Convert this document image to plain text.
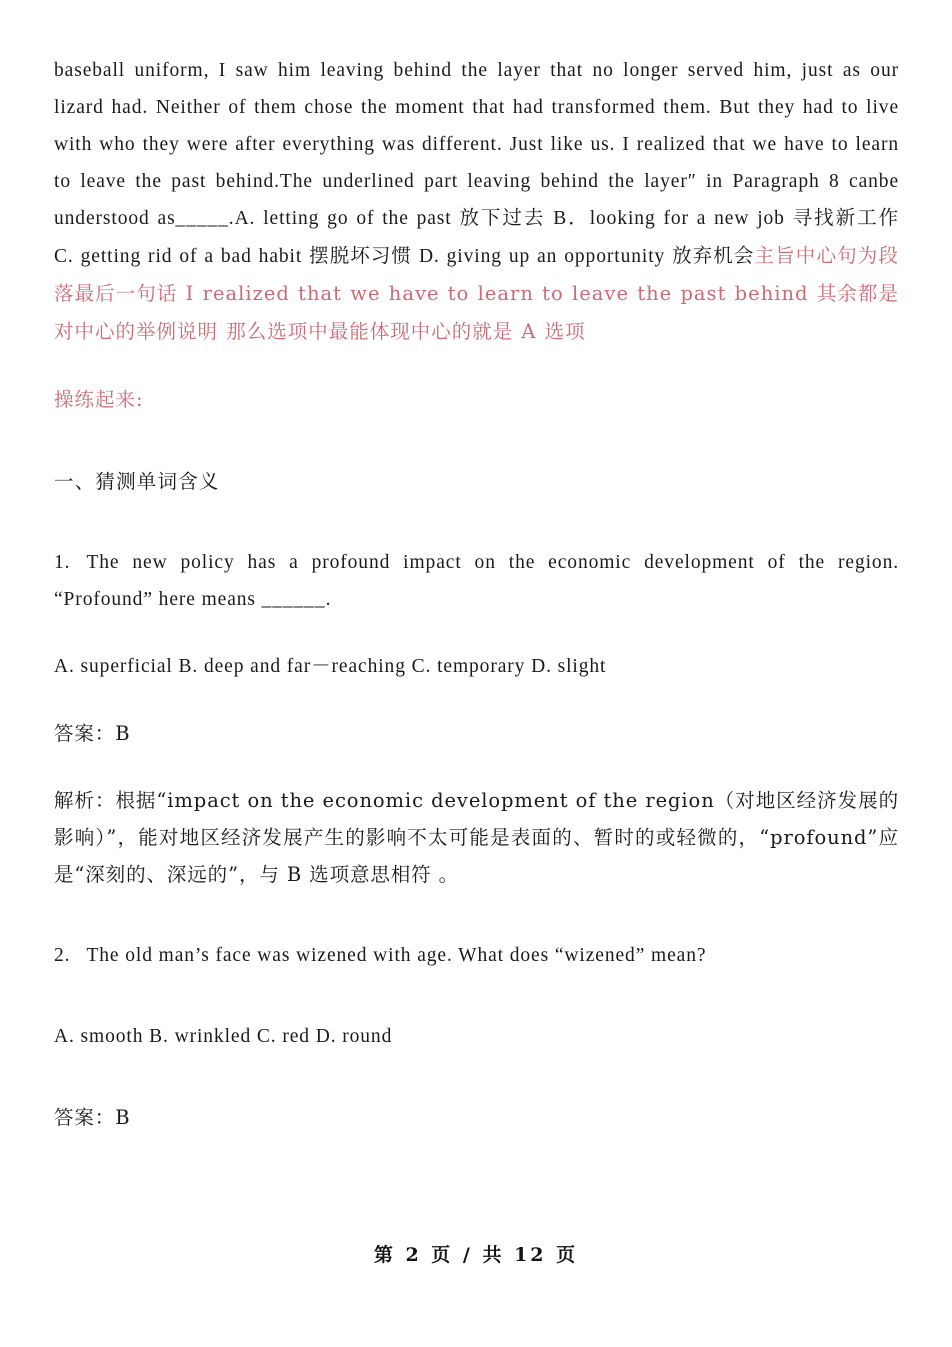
baseball uniform, I saw him leaving behind the layer that no longer served him, just as our lizard had. Neither of them chose the moment that had transformed them. But they had to live with who they were after everything was different. Just like us. I realized that we have to learn to leave the past behind.The underlined part leaving behind the layer″ in Paragraph 8 canbe understood as_____.A. letting go of the past 放下过去 B．looking for a new job 寻找新工作 C. getting rid of a bad habit 摆脱坏习惯 D. giving up an opportunity 放弃机会主旨中心句为段落最后一句话 I realized that we have to learn to leave the past behind 其余都是对中心的举例说明 那么选项中最能体现中心的就是 A 选项

操练起来:

一、猜测单词含义

1. The new policy has a profound impact on the economic development of the region. “Profound” here means ______.

A. superficial B. deep and far－reaching C. temporary D. slight

答案：B

解析：根据“impact on the economic development of the region（对地区经济发展的影响）”，能对地区经济发展产生的影响不太可能是表面的、暂时的或轻微的，“profound”应是“深刻的、深远的”，与 B 选项意思相符 。

2. The old man’s face was wizened with age. What does “wizened” mean?

A. smooth B. wrinkled C. red D. round

答案：B

第 2 页 / 共 12 页
